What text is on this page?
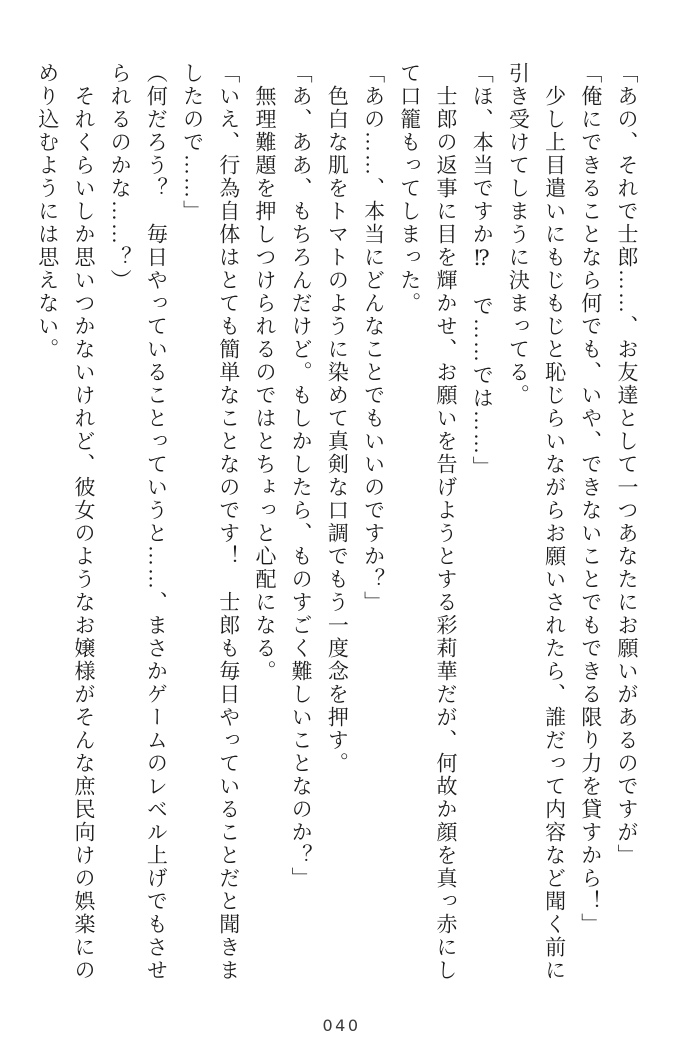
「あの、それで士郎……、お友達として一つあなたにお願いがあるのですが」

「俺にできることなら何でも、いや、できないことでもできる限り力を貸すから！」

少し上目遣いにもじもじと恥じらいながらお願いされたら、誰だって内容など聞く前に

引き受けてしまうに決まってる。

「ほ、本当ですか⁉　で……では……」

士郎の返事に目を輝かせ、お願いを告げようとする彩莉華だが、何故か顔を真っ赤にし

て口籠もってしまった。

「あの……、本当にどんなことでもいいのですか？」

色白な肌をトマトのように染めて真剣な口調でもう一度念を押す。

「あ、ああ、もちろんだけど。もしかしたら、ものすごく難しいことなのか？」

無理難題を押しつけられるのではとちょっと心配になる。

「いえ、行為自体はとても簡単なことなのです！　士郎も毎日やっていることだと聞きま

したので……」

（何だろう？　毎日やっていることっていうと……、まさかゲームのレベル上げでもさせ

られるのかな……？）

それくらいしか思いつかないけれど、彼女のようなお嬢様がそんな庶民向けの娯楽にの

めり込むようには思えない。

040
